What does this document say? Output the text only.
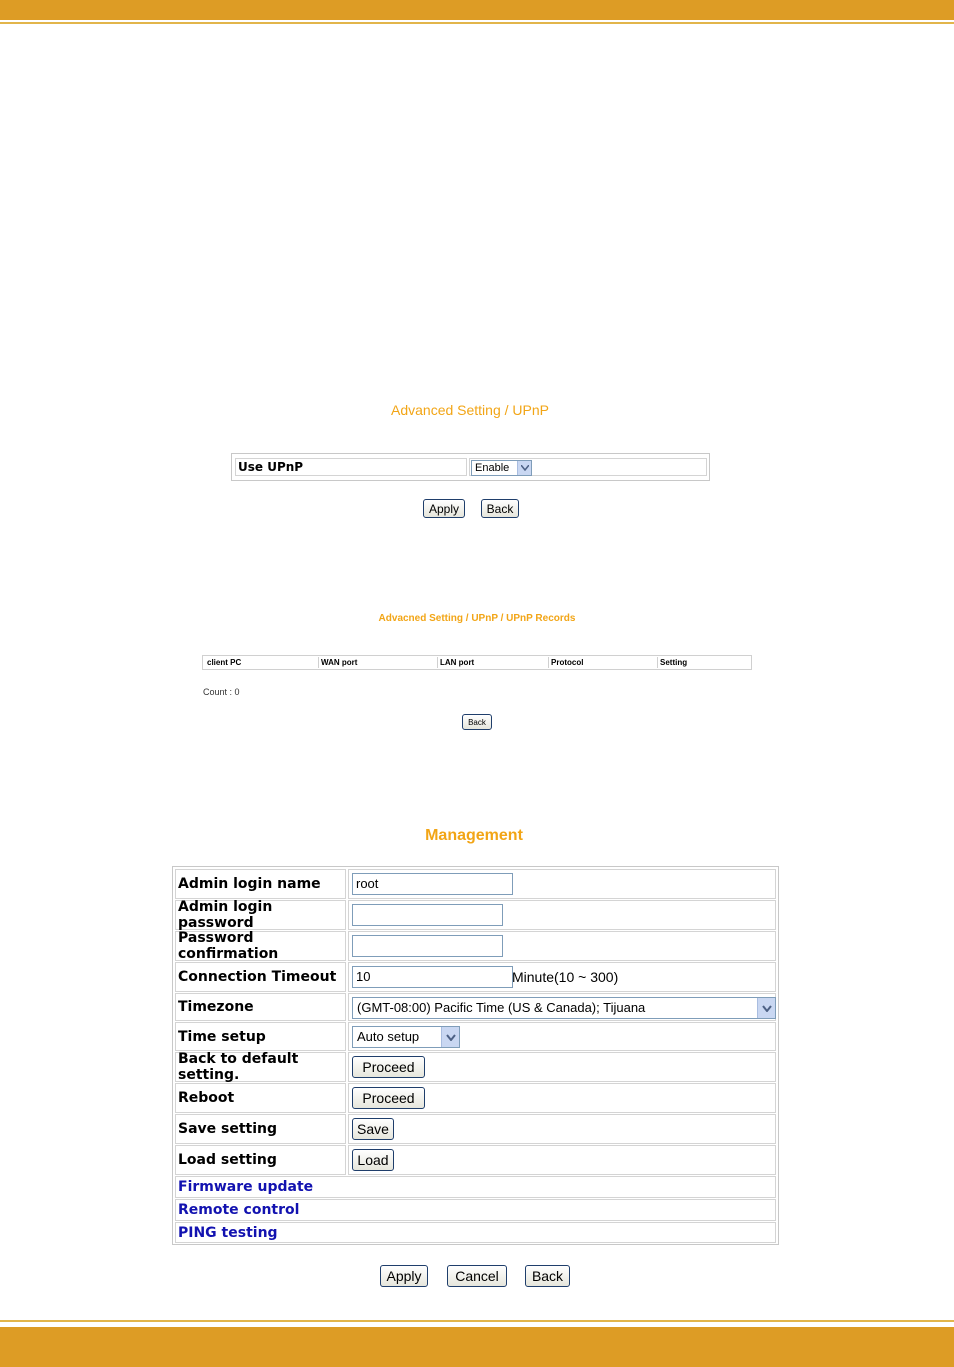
Advanced Setting / UPnP
Use UPnP	Enable
Apply	Back
Advacned Setting / UPnP / UPnP Records
client PC	WAN port	LAN port	Protocol	Setting
Count : 0
Back
Management
Admin login name	root
Admin login password
Password confirmation
Connection Timeout	10	Minute(10 ~ 300)
Timezone	(GMT-08:00) Pacific Time (US & Canada); Tijuana
Time setup	Auto setup
Back to default setting.	Proceed
Reboot	Proceed
Save setting	Save
Load setting	Load
Firmware update
Remote control
PING testing
Apply	Cancel	Back
